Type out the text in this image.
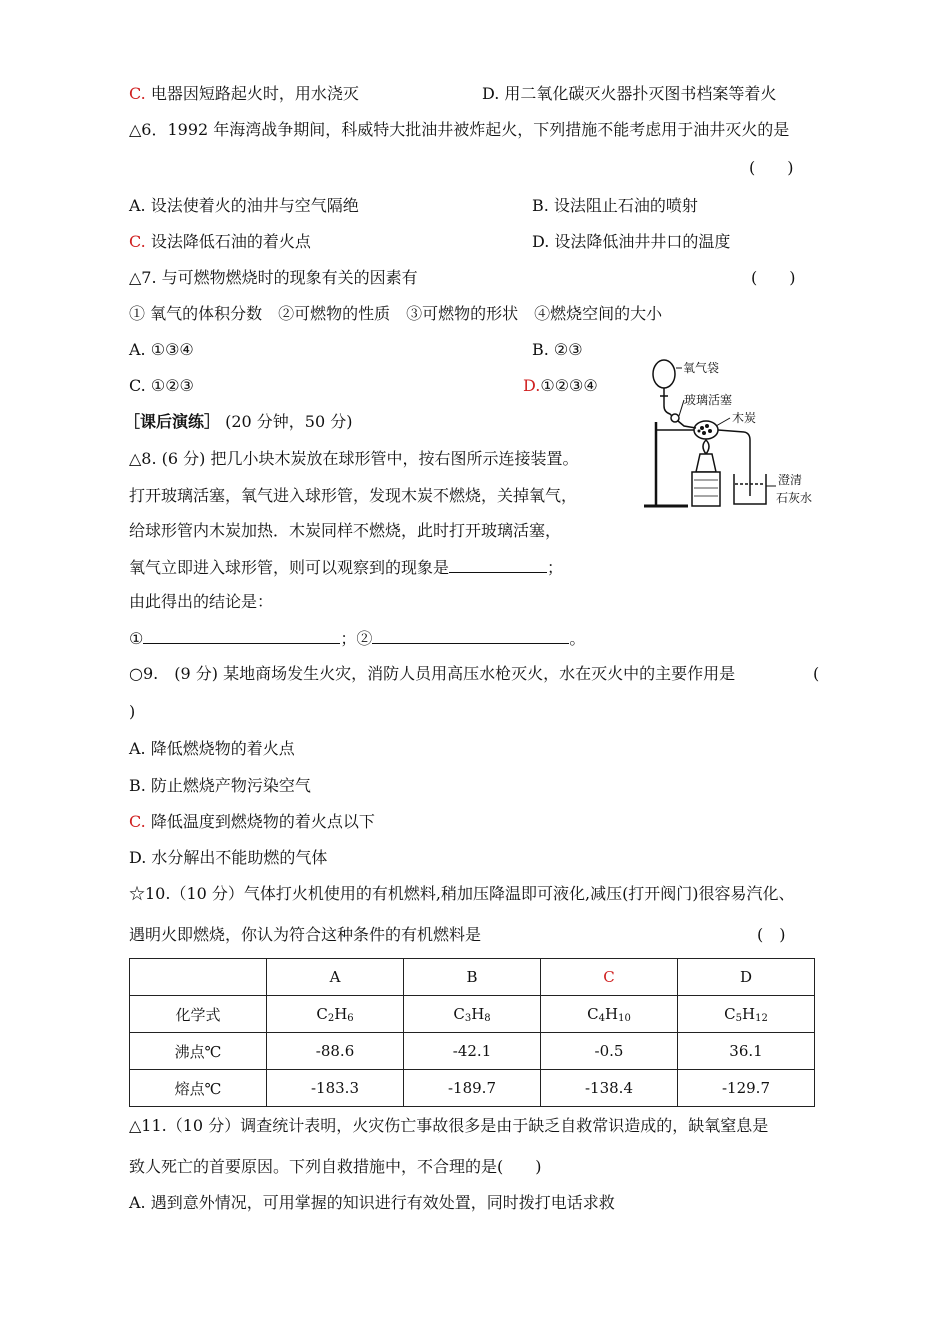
C. 电器因短路起火时，用水浇灭	D. 用二氧化碳灭火器扑灭图书档案等着火
△6．1992 年海湾战争期间，科威特大批油井被炸起火，下列措施不能考虑用于油井灭火的是
(　　)
A. 设法使着火的油井与空气隔绝	B. 设法阻止石油的喷射
C. 设法降低石油的着火点	D. 设法降低油井井口的温度
△7. 与可燃物燃烧时的现象有关的因素有	(　　)
① 氧气的体积分数　②可燃物的性质　③可燃物的形状　④燃烧空间的大小
A. ①③④	B. ②③
C. ①②③	D.①②③④
［课后演练］ (20 分钟，50 分)
△8. (6 分) 把几小块木炭放在球形管中，按右图所示连接装置。
打开玻璃活塞，氧气进入球形管，发现木炭不燃烧，关掉氧气，
给球形管内木炭加热．木炭同样不燃烧，此时打开玻璃活塞，
氧气立即进入球形管，则可以观察到的现象是	；
由此得出的结论是：
①	；②	。
氧气袋
玻璃活塞
木炭
澄清
石灰水
○9.　(9 分) 某地商场发生火灾，消防人员用高压水枪灭火，水在灭火中的主要作用是	(
)
A. 降低燃烧物的着火点
B. 防止燃烧产物污染空气
C. 降低温度到燃烧物的着火点以下
D. 水分解出不能助燃的气体
☆10.（10 分）气体打火机使用的有机燃料,稍加压降温即可液化,减压(打开阀门)很容易汽化、
遇明火即燃烧，你认为符合这种条件的有机燃料是	(　)
	A	B	C	D
化学式	$C_2H_6$	$C_3H_8$	$C_4H_{10}$	$C_5H_{12}$
沸点℃	-88.6	-42.1	-0.5	36.1
熔点℃	-183.3	-189.7	-138.4	-129.7
△11.（10 分）调查统计表明，火灾伤亡事故很多是由于缺乏自救常识造成的，缺氧窒息是
致人死亡的首要原因。下列自救措施中，不合理的是(　　)
A. 遇到意外情况，可用掌握的知识进行有效处置，同时拨打电话求救
